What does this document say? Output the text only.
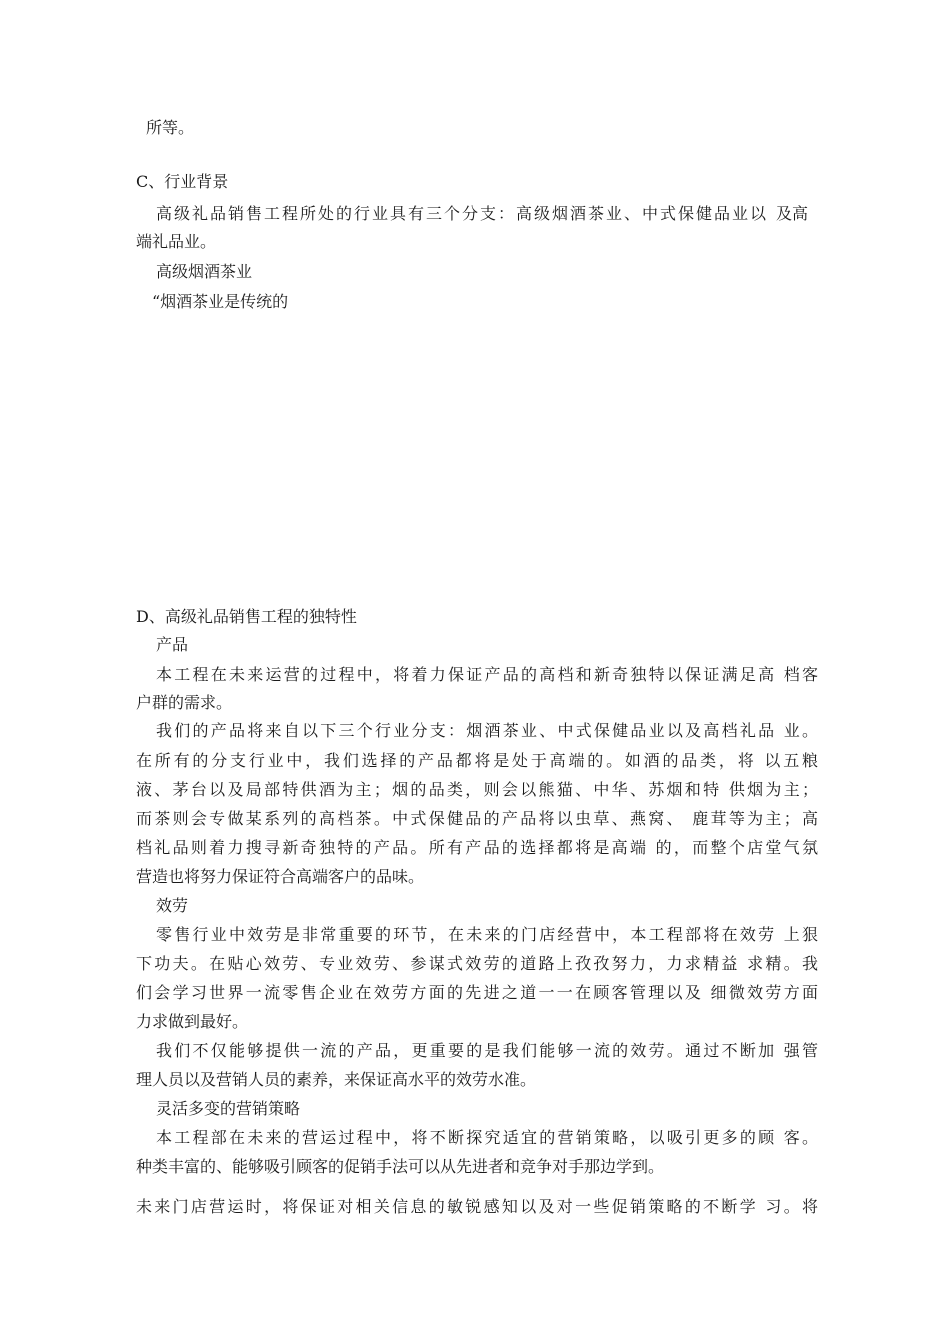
所等。
C、行业背景
高级礼品销售工程所处的行业具有三个分支：高级烟酒茶业、中式保健品业以 及高
端礼品业。
高级烟酒茶业
“烟酒茶业是传统的
D、高级礼品销售工程的独特性
产品
本工程在未来运营的过程中，将着力保证产品的高档和新奇独特以保证满足高 档客
户群的需求。
我们的产品将来自以下三个行业分支：烟酒茶业、中式保健品业以及高档礼品 业。
在所有的分支行业中，我们选择的产品都将是处于高端的。如酒的品类，将 以五粮
液、茅台以及局部特供酒为主；烟的品类，则会以熊猫、中华、苏烟和特 供烟为主；
而茶则会专做某系列的高档茶。中式保健品的产品将以虫草、燕窝、 鹿茸等为主；高
档礼品则着力搜寻新奇独特的产品。所有产品的选择都将是高端 的，而整个店堂气氛
营造也将努力保证符合高端客户的品味。
效劳
零售行业中效劳是非常重要的环节，在未来的门店经营中，本工程部将在效劳 上狠
下功夫。在贴心效劳、专业效劳、参谋式效劳的道路上孜孜努力，力求精益 求精。我
们会学习世界一流零售企业在效劳方面的先进之道一一在顾客管理以及 细微效劳方面
力求做到最好。
我们不仅能够提供一流的产品，更重要的是我们能够一流的效劳。通过不断加 强管
理人员以及营销人员的素养，来保证高水平的效劳水准。
灵活多变的营销策略
本工程部在未来的营运过程中，将不断探究适宜的营销策略，以吸引更多的顾 客。
种类丰富的、能够吸引顾客的促销手法可以从先进者和竞争对手那边学到。
未来门店营运时，将保证对相关信息的敏锐感知以及对一些促销策略的不断学 习。将
